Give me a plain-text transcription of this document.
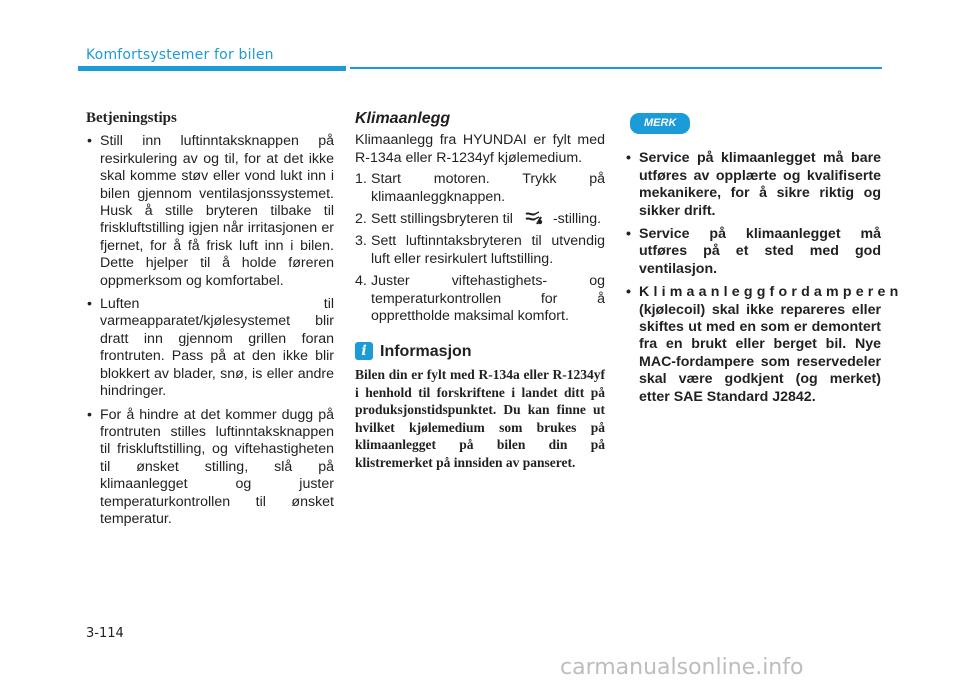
Komfortsystemer for bilen
Betjeningstips
• Still inn luftinntaksknappen på resirkulering av og til, for at det ikke skal komme støv eller vond lukt inn i bilen gjennom ventilasjonssystemet. Husk å stille bryteren tilbake til friskluftstilling igjen når irritasjonen er fjernet, for å få frisk luft inn i bilen. Dette hjelper til å holde føreren oppmerksom og komfortabel.
• Luften til varmeapparatet/kjølesystemet blir dratt inn gjennom grillen foran frontruten. Pass på at den ikke blir blokkert av blader, snø, is eller andre hindringer.
• For å hindre at det kommer dugg på frontruten stilles luftinntaksknappen til friskluftstilling, og viftehastigheten til ønsket stilling, slå på klimaanlegget og juster temperaturkontrollen til ønsket temperatur.
Klimaanlegg
Klimaanlegg fra HYUNDAI er fylt med R-134a eller R-1234yf kjølemedium.
1. Start motoren. Trykk på klimaanleggknappen.
2. Sett stillingsbryteren til	-stilling.
3. Sett luftinntaksbryteren til utvendig luft eller resirkulert luftstilling.
4. Juster viftehastighets- og temperaturkontrollen for å opprettholde maksimal komfort.
i Informasjon
Bilen din er fylt med R-134a eller R-1234yf i henhold til forskriftene i landet ditt på produksjonstidspunktet. Du kan finne ut hvilket kjølemedium som brukes på klimaanlegget på bilen din på klistremerket på innsiden av panseret.
MERK
• Service på klimaanlegget må bare utføres av opplærte og kvalifiserte mekanikere, for å sikre riktig og sikker drift.
• Service på klimaanlegget må utføres på et sted med god ventilasjon.
• Klimaanleggfordamperen (kjølecoil) skal ikke repareres eller skiftes ut med en som er demontert fra en brukt eller berget bil. Nye MAC-fordampere som reservedeler skal være godkjent (og merket) etter SAE Standard J2842.
3-114
carmanualsonline.info
